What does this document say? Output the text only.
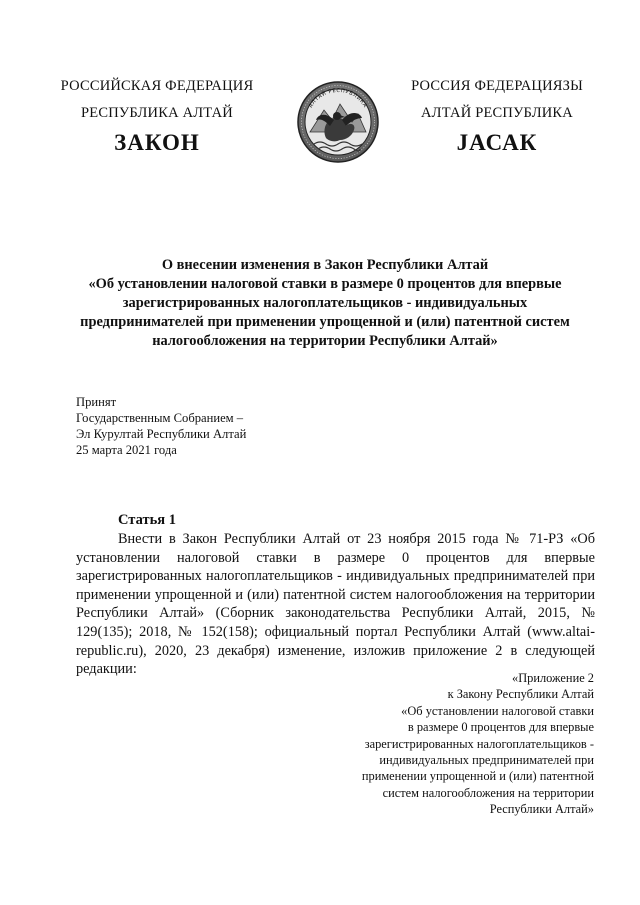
РОССИЙСКАЯ ФЕДЕРАЦИЯ
РЕСПУБЛИКА АЛТАЙ
ЗАКОН
АЛТАЙ РЕСПУБЛИКА
РОССИЯ ФЕДЕРАЦИЯЗЫ
АЛТАЙ РЕСПУБЛИКА
JАСАК
О внесении изменения в Закон Республики Алтай
«Об установлении налоговой ставки в размере 0 процентов для впервые
зарегистрированных налогоплательщиков - индивидуальных
предпринимателей при применении упрощенной и (или) патентной систем
налогообложения на территории Республики Алтай»
Принят
Государственным Собранием –
Эл Курултай Республики Алтай
25 марта 2021 года
Статья 1
Внести в Закон Республики Алтай от 23 ноября 2015 года № 71-РЗ «Об установлении налоговой ставки в размере 0 процентов для впервые зарегистрированных налогоплательщиков - индивидуальных предпринимателей при применении упрощенной и (или) патентной систем налогообложения на территории Республики Алтай» (Сборник законодательства Республики Алтай, 2015, № 129(135); 2018, № 152(158); официальный портал Республики Алтай (www.altai-republic.ru), 2020, 23 декабря) изменение, изложив приложение 2 в следующей редакции:
«Приложение 2
к Закону Республики Алтай
«Об установлении налоговой ставки
в размере 0 процентов для впервые
зарегистрированных налогоплательщиков -
индивидуальных предпринимателей при
применении упрощенной и (или) патентной
систем налогообложения на территории
Республики Алтай»
